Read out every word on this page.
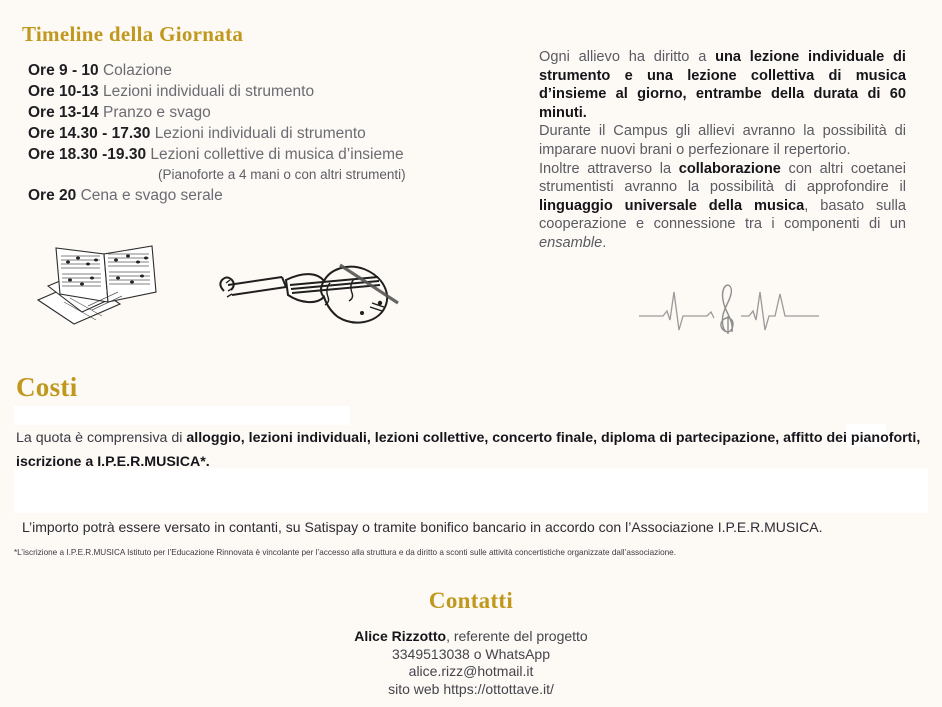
Timeline della Giornata
Ore 9 - 10 Colazione
Ore 10-13 Lezioni individuali di strumento
Ore 13-14 Pranzo e svago
Ore 14.30 - 17.30 Lezioni individuali di strumento
Ore 18.30 -19.30 Lezioni collettive di musica d’insieme
(Pianoforte a 4 mani o con altri strumenti)
Ore 20 Cena e svago serale

Ogni allievo ha diritto a una lezione individuale di strumento e una lezione collettiva di musica d’insieme al giorno, entrambe della durata di 60 minuti.

Durante il Campus gli allievi avranno la possibilità di imparare nuovi brani o perfezionare il repertorio.

Inoltre attraverso la collaborazione con altri coetanei strumentisti avranno la possibilità di approfondire il linguaggio universale della musica, basato sulla cooperazione e connessione tra i componenti di un ensamble.

Costi
La quota è comprensiva di alloggio, lezioni individuali, lezioni collettive, concerto finale, diploma di partecipazione, affitto dei pianoforti, iscrizione a I.P.E.R.MUSICA*.
L’importo potrà essere versato in contanti, su Satispay o tramite bonifico bancario in accordo con l’Associazione I.P.E.R.MUSICA.
*L’iscrizione a I.P.E.R.MUSICA Istituto per l’Educazione Rinnovata è vincolante per l’accesso alla struttura e da diritto a sconti sulle attività concertistiche organizzate dall’associazione.
Contatti
Alice Rizzotto, referente del progetto
3349513038 o WhatsApp
alice.rizz@hotmail.it
sito web https://ottottave.it/
